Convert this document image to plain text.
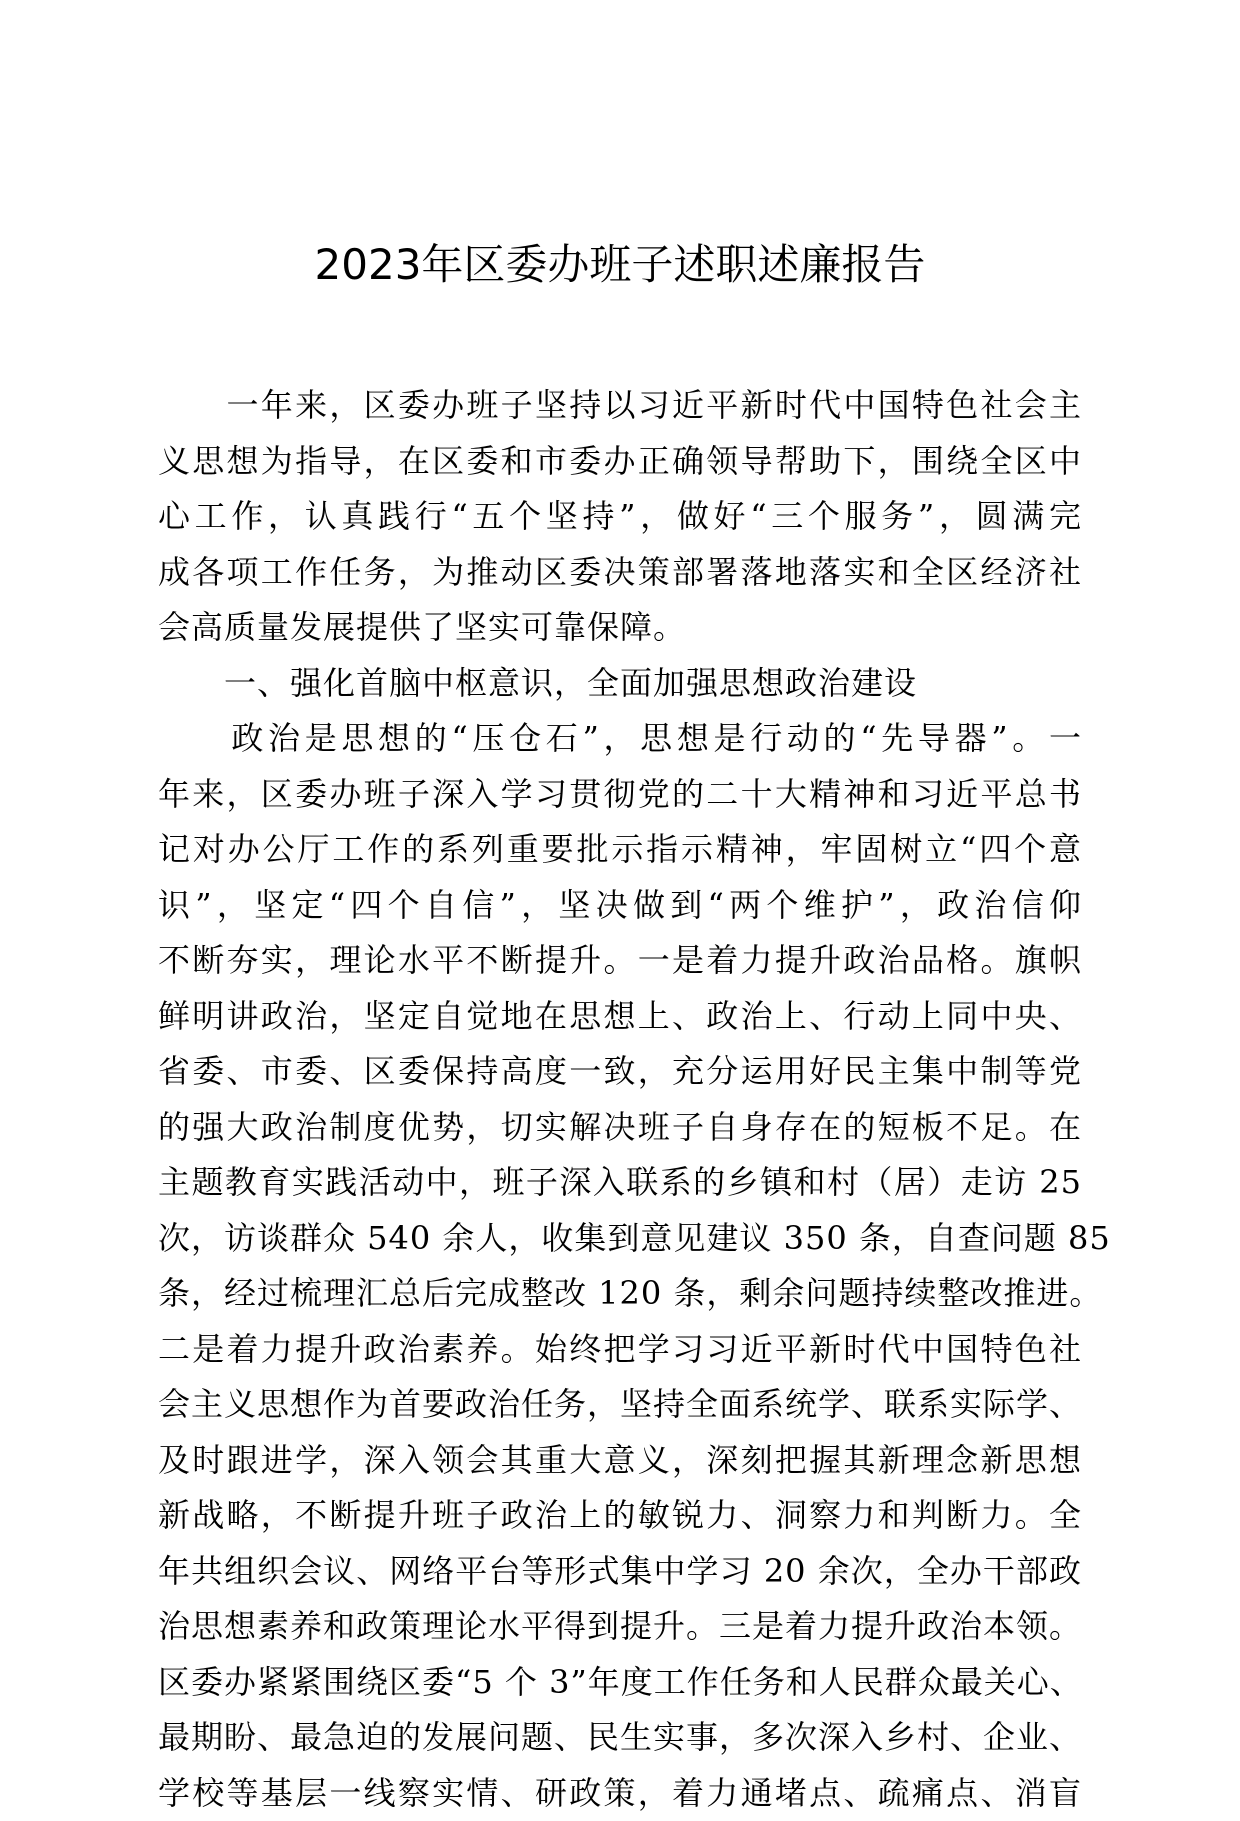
2023年区委办班子述职述廉报告
　　一年来，区委办班子坚持以习近平新时代中国特色社会主
义思想为指导，在区委和市委办正确领导帮助下，围绕全区中
心工作，认真践行“五个坚持”，做好“三个服务”，圆满完
成各项工作任务，为推动区委决策部署落地落实和全区经济社
会高质量发展提供了坚实可靠保障。
　　一、强化首脑中枢意识，全面加强思想政治建设
　　政治是思想的“压仓石”，思想是行动的“先导器”。一
年来，区委办班子深入学习贯彻党的二十大精神和习近平总书
记对办公厅工作的系列重要批示指示精神，牢固树立“四个意
识”，坚定“四个自信”，坚决做到“两个维护”，政治信仰
不断夯实，理论水平不断提升。一是着力提升政治品格。旗帜
鲜明讲政治，坚定自觉地在思想上、政治上、行动上同中央、
省委、市委、区委保持高度一致，充分运用好民主集中制等党
的强大政治制度优势，切实解决班子自身存在的短板不足。在
主题教育实践活动中，班子深入联系的乡镇和村（居）走访 25
次，访谈群众 540 余人，收集到意见建议 350 条，自查问题 85
条，经过梳理汇总后完成整改 120 条，剩余问题持续整改推进。
二是着力提升政治素养。始终把学习习近平新时代中国特色社
会主义思想作为首要政治任务，坚持全面系统学、联系实际学、
及时跟进学，深入领会其重大意义，深刻把握其新理念新思想
新战略，不断提升班子政治上的敏锐力、洞察力和判断力。全
年共组织会议、网络平台等形式集中学习 20 余次，全办干部政
治思想素养和政策理论水平得到提升。三是着力提升政治本领。
区委办紧紧围绕区委“5 个 3”年度工作任务和人民群众最关心、
最期盼、最急迫的发展问题、民生实事，多次深入乡村、企业、
学校等基层一线察实情、研政策，着力通堵点、疏痛点、消盲
